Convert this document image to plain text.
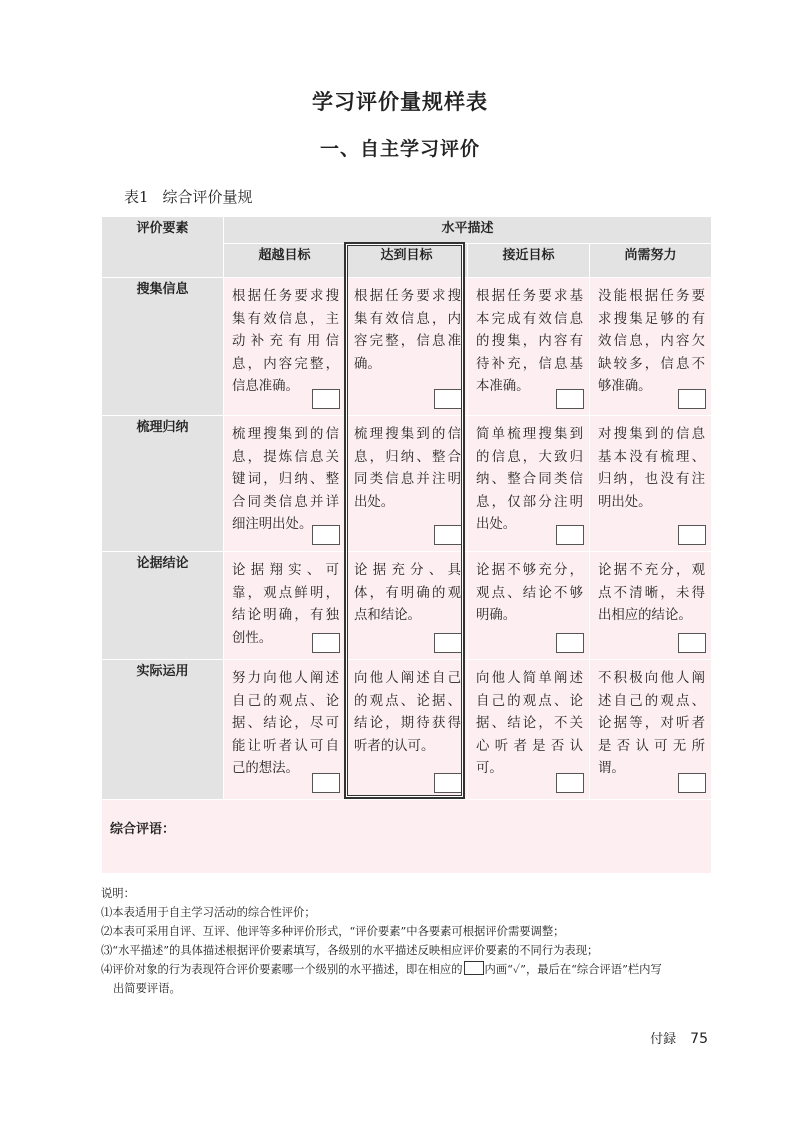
学习评价量规样表
一、自主学习评价
表1 综合评价量规
评价要素	水平描述			
	超越目标	达到目标	接近目标	尚需努力
搜集信息	根据任务要求搜集有效信息，主动补充有用信息，内容完整，信息准确。	根据任务要求搜集有效信息，内容完整，信息准确。	根据任务要求基本完成有效信息的搜集，内容有待补充，信息基本准确。	没能根据任务要求搜集足够的有效信息，内容欠缺较多，信息不够准确。

梳理归纳	梳理搜集到的信息，提炼信息关键词，归纳、整合同类信息并详细注明出处。	梳理搜集到的信息，归纳、整合同类信息并注明出处。	简单梳理搜集到的信息，大致归纳、整合同类信息，仅部分注明出处。	对搜集到的信息基本没有梳理、归纳，也没有注明出处。

论据结论	论据翔实、可靠，观点鲜明，结论明确，有独创性。	论据充分、具体，有明确的观点和结论。	论据不够充分，观点、结论不够明确。	论据不充分，观点不清晰，未得出相应的结论。

实际运用	努力向他人阐述自己的观点、论据、结论，尽可能让听者认可自己的想法。	向他人阐述自己的观点、论据、结论，期待获得听者的认可。	向他人简单阐述自己的观点、论据、结论，不关心听者是否认可。	不积极向他人阐述自己的观点、论据等，对听者是否认可无所谓。

综合评语：				
说明：
⑴本表适用于自主学习活动的综合性评价；
⑵本表可采用自评、互评、他评等多种评价形式，“评价要素”中各要素可根据评价需要调整；
⑶“水平描述”的具体描述根据评价要素填写，各级别的水平描述反映相应评价要素的不同行为表现；
⑷评价对象的行为表现符合评价要素哪一个级别的水平描述，即在相应的 内画“✓”，最后在“综合评语”栏内写
出简要评语。
付録 75
